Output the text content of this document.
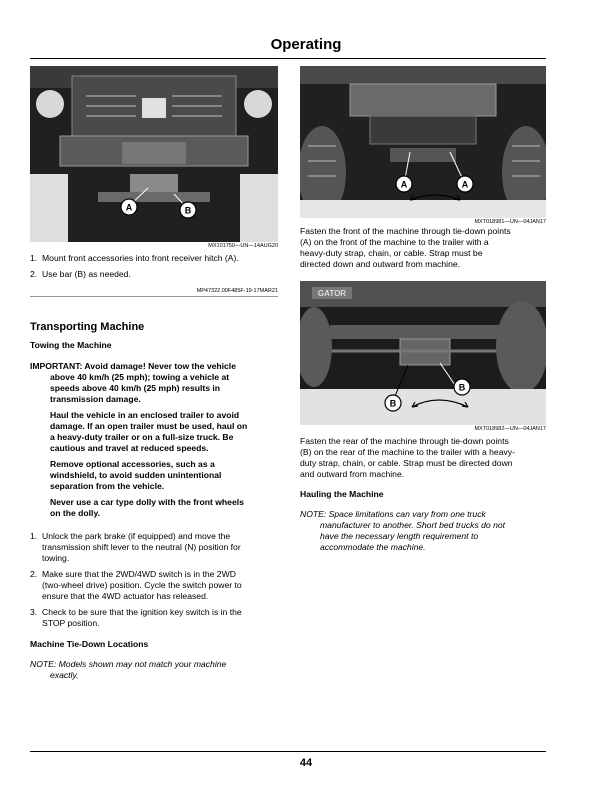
Operating
A	B
MX101750—UN—14AUG20
1. Mount front accessories into front receiver hitch (A).
2. Use bar (B) as needed.
MP47322,00F485F-19-17MAR21
Transporting Machine
Towing the Machine
IMPORTANT: Avoid damage! Never tow the vehicle
above 40 km/h (25 mph); towing a vehicle at
speeds above 40 km/h (25 mph) results in
transmission damage.
Haul the vehicle in an enclosed trailer to avoid
damage. If an open trailer must be used, haul on
a heavy-duty trailer or on a full-size truck. Be
cautious and travel at reduced speeds.
Remove optional accessories, such as a
windshield, to avoid sudden unintentional
separation from the vehicle.
Never use a car type dolly with the front wheels
on the dolly.
1. Unlock the park brake (if equipped) and move the
transmission shift lever to the neutral (N) position for
towing.
2. Make sure that the 2WD/4WD switch is in the 2WD
(two-wheel drive) position. Cycle the switch power to
ensure that the 4WD actuator has released.
3. Check to be sure that the ignition key switch is in the
STOP position.
Machine Tie-Down Locations
NOTE: Models shown may not match your machine
exactly.
A	A
MXT018981—UN—04JAN17
Fasten the front of the machine through tie-down points
(A) on the front of the machine to the trailer with a
heavy-duty strap, chain, or cable. Strap must be
directed down and outward from machine.
GATOR
B
B
MXT018982—UN—04JAN17
Fasten the rear of the machine through tie-down points
(B) on the rear of the machine to the trailer with a heavy-
duty strap, chain, or cable. Strap must be directed down
and outward from machine.
Hauling the Machine
NOTE: Space limitations can vary from one truck
manufacturer to another. Short bed trucks do not
have the necessary length requirement to
accommodate the machine.
44
